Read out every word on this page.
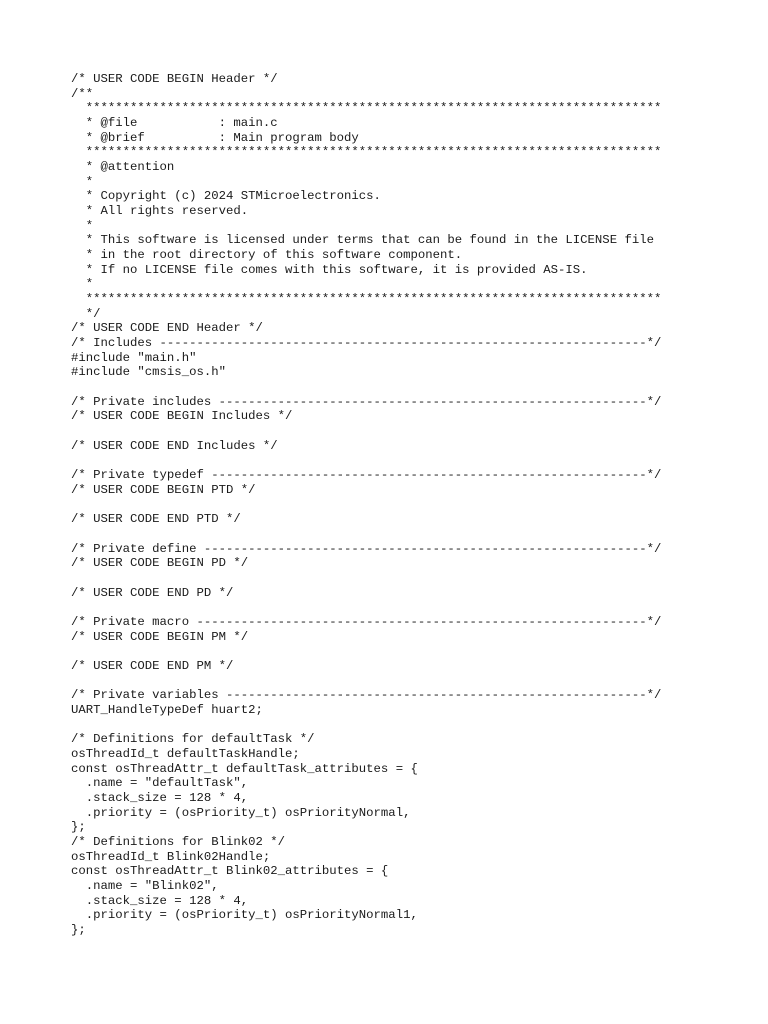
/* USER CODE BEGIN Header */
/**
******************************************************************************
* @file           : main.c
* @brief          : Main program body
******************************************************************************
* @attention
*
* Copyright (c) 2024 STMicroelectronics.
* All rights reserved.
*
* This software is licensed under terms that can be found in the LICENSE file
* in the root directory of this software component.
* If no LICENSE file comes with this software, it is provided AS-IS.
*
******************************************************************************
*/
/* USER CODE END Header */
/* Includes ------------------------------------------------------------------*/
#include "main.h"
#include "cmsis_os.h"
/* Private includes ----------------------------------------------------------*/
/* USER CODE BEGIN Includes */
/* USER CODE END Includes */
/* Private typedef -----------------------------------------------------------*/
/* USER CODE BEGIN PTD */
/* USER CODE END PTD */
/* Private define ------------------------------------------------------------*/
/* USER CODE BEGIN PD */
/* USER CODE END PD */
/* Private macro -------------------------------------------------------------*/
/* USER CODE BEGIN PM */
/* USER CODE END PM */
/* Private variables ---------------------------------------------------------*/
UART_HandleTypeDef huart2;
/* Definitions for defaultTask */
osThreadId_t defaultTaskHandle;
const osThreadAttr_t defaultTask_attributes = {
.name = "defaultTask",
.stack_size = 128 * 4,
.priority = (osPriority_t) osPriorityNormal,
};
/* Definitions for Blink02 */
osThreadId_t Blink02Handle;
const osThreadAttr_t Blink02_attributes = {
.name = "Blink02",
.stack_size = 128 * 4,
.priority = (osPriority_t) osPriorityNormal1,
};
